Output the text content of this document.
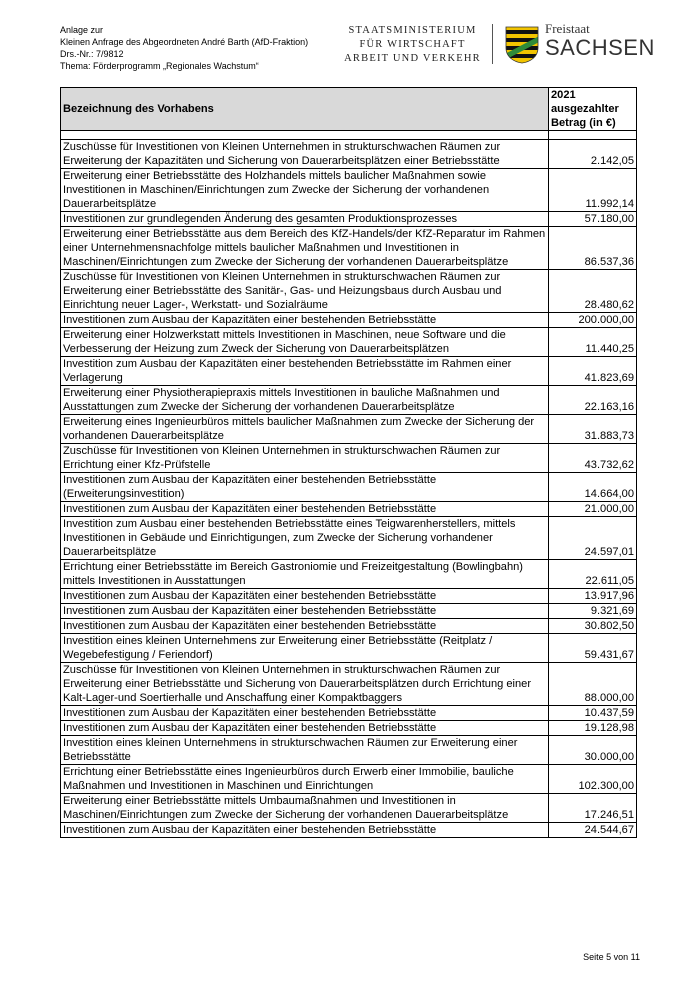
Anlage zur
Kleinen Anfrage des Abgeordneten André Barth (AfD-Fraktion)
Drs.-Nr.: 7/9812
Thema: Förderprogramm „Regionales Wachstum“
STAATSMINISTERIUM
FÜR WIRTSCHAFT
ARBEIT UND VERKEHR
Freistaat
SACHSEN
Bezeichnung des Vorhabens	2021
ausgezahlter
Betrag (in €)

Zuschüsse für Investitionen von Kleinen Unternehmen in strukturschwachen Räumen zur Erweiterung der Kapazitäten und Sicherung von Dauerarbeitsplätzen einer Betriebsstätte	2.142,05
Erweiterung einer Betriebsstätte des Holzhandels mittels baulicher Maßnahmen sowie Investitionen in Maschinen/Einrichtungen zum Zwecke der Sicherung der vorhandenen Dauerarbeitsplätze	11.992,14
Investitionen zur grundlegenden Änderung des gesamten Produktionsprozesses	57.180,00
Erweiterung einer Betriebsstätte aus dem Bereich des KfZ-Handels/der KfZ-Reparatur im Rahmen einer Unternehmensnachfolge mittels baulicher Maßnahmen und Investitionen in Maschinen/Einrichtungen zum Zwecke der Sicherung der vorhandenen Dauerarbeitsplätze	86.537,36
Zuschüsse für Investitionen von Kleinen Unternehmen in strukturschwachen Räumen zur Erweiterung einer Betriebsstätte des Sanitär-, Gas- und Heizungsbaus durch Ausbau und Einrichtung neuer Lager-, Werkstatt- und Sozialräume	28.480,62
Investitionen zum Ausbau der Kapazitäten einer bestehenden Betriebsstätte	200.000,00
Erweiterung einer Holzwerkstatt mittels Investitionen in Maschinen, neue Software und die Verbesserung der Heizung zum Zweck der Sicherung von Dauerarbeitsplätzen	11.440,25
Investition zum Ausbau der Kapazitäten einer bestehenden Betriebsstätte im Rahmen einer Verlagerung	41.823,69
Erweiterung einer Physiotherapiepraxis mittels Investitionen in bauliche Maßnahmen und Ausstattungen zum Zwecke der Sicherung der vorhandenen Dauerarbeitsplätze	22.163,16
Erweiterung eines Ingenieurbüros mittels baulicher Maßnahmen zum Zwecke der Sicherung der vorhandenen Dauerarbeitsplätze	31.883,73
Zuschüsse für Investitionen von Kleinen Unternehmen in strukturschwachen Räumen zur Errichtung einer Kfz-Prüfstelle	43.732,62
Investitionen zum Ausbau der Kapazitäten einer bestehenden Betriebsstätte (Erweiterungsinvestition)	14.664,00
Investitionen zum Ausbau der Kapazitäten einer bestehenden Betriebsstätte	21.000,00
Investition zum Ausbau einer bestehenden Betriebsstätte eines Teigwarenherstellers, mittels Investitionen in Gebäude und Einrichtigungen, zum Zwecke der Sicherung vorhandener Dauerarbeitsplätze	24.597,01
Errichtung einer Betriebsstätte im Bereich Gastroniomie und Freizeitgestaltung (Bowlingbahn) mittels Investitionen in Ausstattungen	22.611,05
Investitionen zum Ausbau der Kapazitäten einer bestehenden Betriebsstätte	13.917,96
Investitionen zum Ausbau der Kapazitäten einer bestehenden Betriebsstätte	9.321,69
Investitionen zum Ausbau der Kapazitäten einer bestehenden Betriebsstätte	30.802,50
Investition eines kleinen Unternehmens zur Erweiterung einer Betriebsstätte (Reitplatz / Wegebefestigung / Feriendorf)	59.431,67
Zuschüsse für Investitionen von Kleinen Unternehmen in strukturschwachen Räumen zur Erweiterung einer Betriebsstätte und Sicherung von Dauerarbeitsplätzen durch Errichtung einer Kalt-Lager-und Soertierhalle und Anschaffung einer Kompaktbaggers	88.000,00
Investitionen zum Ausbau der Kapazitäten einer bestehenden Betriebsstätte	10.437,59
Investitionen zum Ausbau der Kapazitäten einer bestehenden Betriebsstätte	19.128,98
Investition eines kleinen Unternehmens in strukturschwachen Räumen zur Erweiterung einer Betriebsstätte	30.000,00
Errichtung einer Betriebsstätte eines Ingenieurbüros durch Erwerb einer Immobilie, bauliche Maßnahmen und Investitionen in Maschinen und Einrichtungen	102.300,00
Erweiterung einer Betriebsstätte mittels Umbaumaßnahmen und Investitionen in Maschinen/Einrichtungen zum Zwecke der Sicherung der vorhandenen Dauerarbeitsplätze	17.246,51
Investitionen zum Ausbau der Kapazitäten einer bestehenden Betriebsstätte	24.544,67
Seite 5 von 11
